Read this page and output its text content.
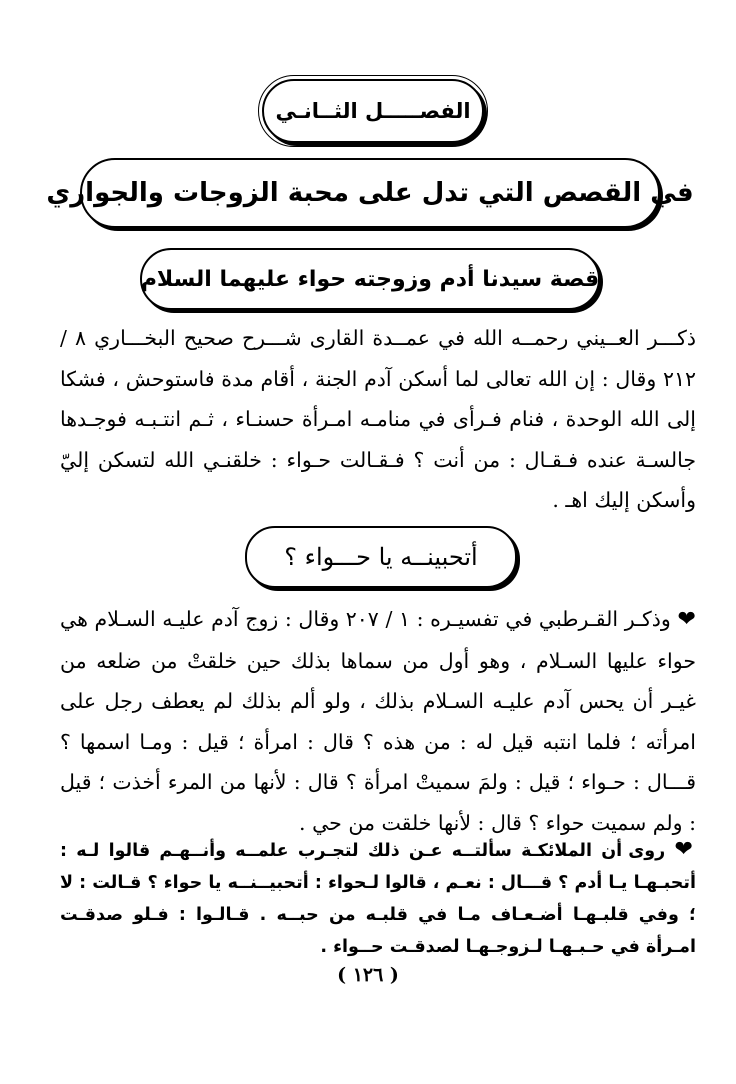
الفصـــــل الثــانـي
في القصص التي تدل على محبة الزوجات والجواري
قصة سيدنا أدم وزوجته حواء عليهما السلام
ذكـــر العــيني رحمــه الله في عمــدة القارى شـــرح صحيح البخـــاري ٨ / ٢١٢ وقال : إن الله تعالى لما أسكن آدم الجنة ، أقام مدة فاستوحش ، فشكا إلى الله الوحدة ، فنام فـرأى في منامـه امـرأة حسنـاء ، ثـم انتـبـه فوجـدها جالسـة عنده فـقـال : من أنت ؟ فـقـالت حـواء : خلقنـي الله لتسكن إليّ وأسكن إليك اهـ .
أتحبينــه يا حـــواء ؟
❤ وذكـر القـرطبي في تفسيـره : ١ / ٢٠٧ وقال : زوج آدم عليـه السـلام هي حواء عليها السـلام ، وهو أول من سماها بذلك حين خلقتْ من ضلعه من غيـر أن يحس آدم عليـه السـلام بذلك ، ولو ألم بذلك لم يعطف رجل على امرأته ؛ فلما انتبه قيل له : من هذه ؟ قال : امرأة ؛ قيل : ومـا اسمها ؟ قـــال : حـواء ؛ قيل : ولمَ سميتْ امرأة ؟ قال : لأنها من المرء أخذت ؛ قيل : ولم سميت حواء ؟ قال : لأنها خلقت من حي .
❤ روى أن الملائكـة سألتــه عـن ذلك لتجـرب علمــه وأنــهـم قالوا لـه : أتحبـهـا يـا أدم ؟ قـــال : نعـم ، قالوا لـحواء : أتحبيــنــه يا حواء ؟ قـالت : لا ؛ وفي قلبـهـا أضـعـاف مـا في قلبـه من حبــه . قـالـوا : فـلو صدقـت امـرأة في حـبـهـا لـزوجـهـا لصدقـت حــواء .
( ١٢٦ )
